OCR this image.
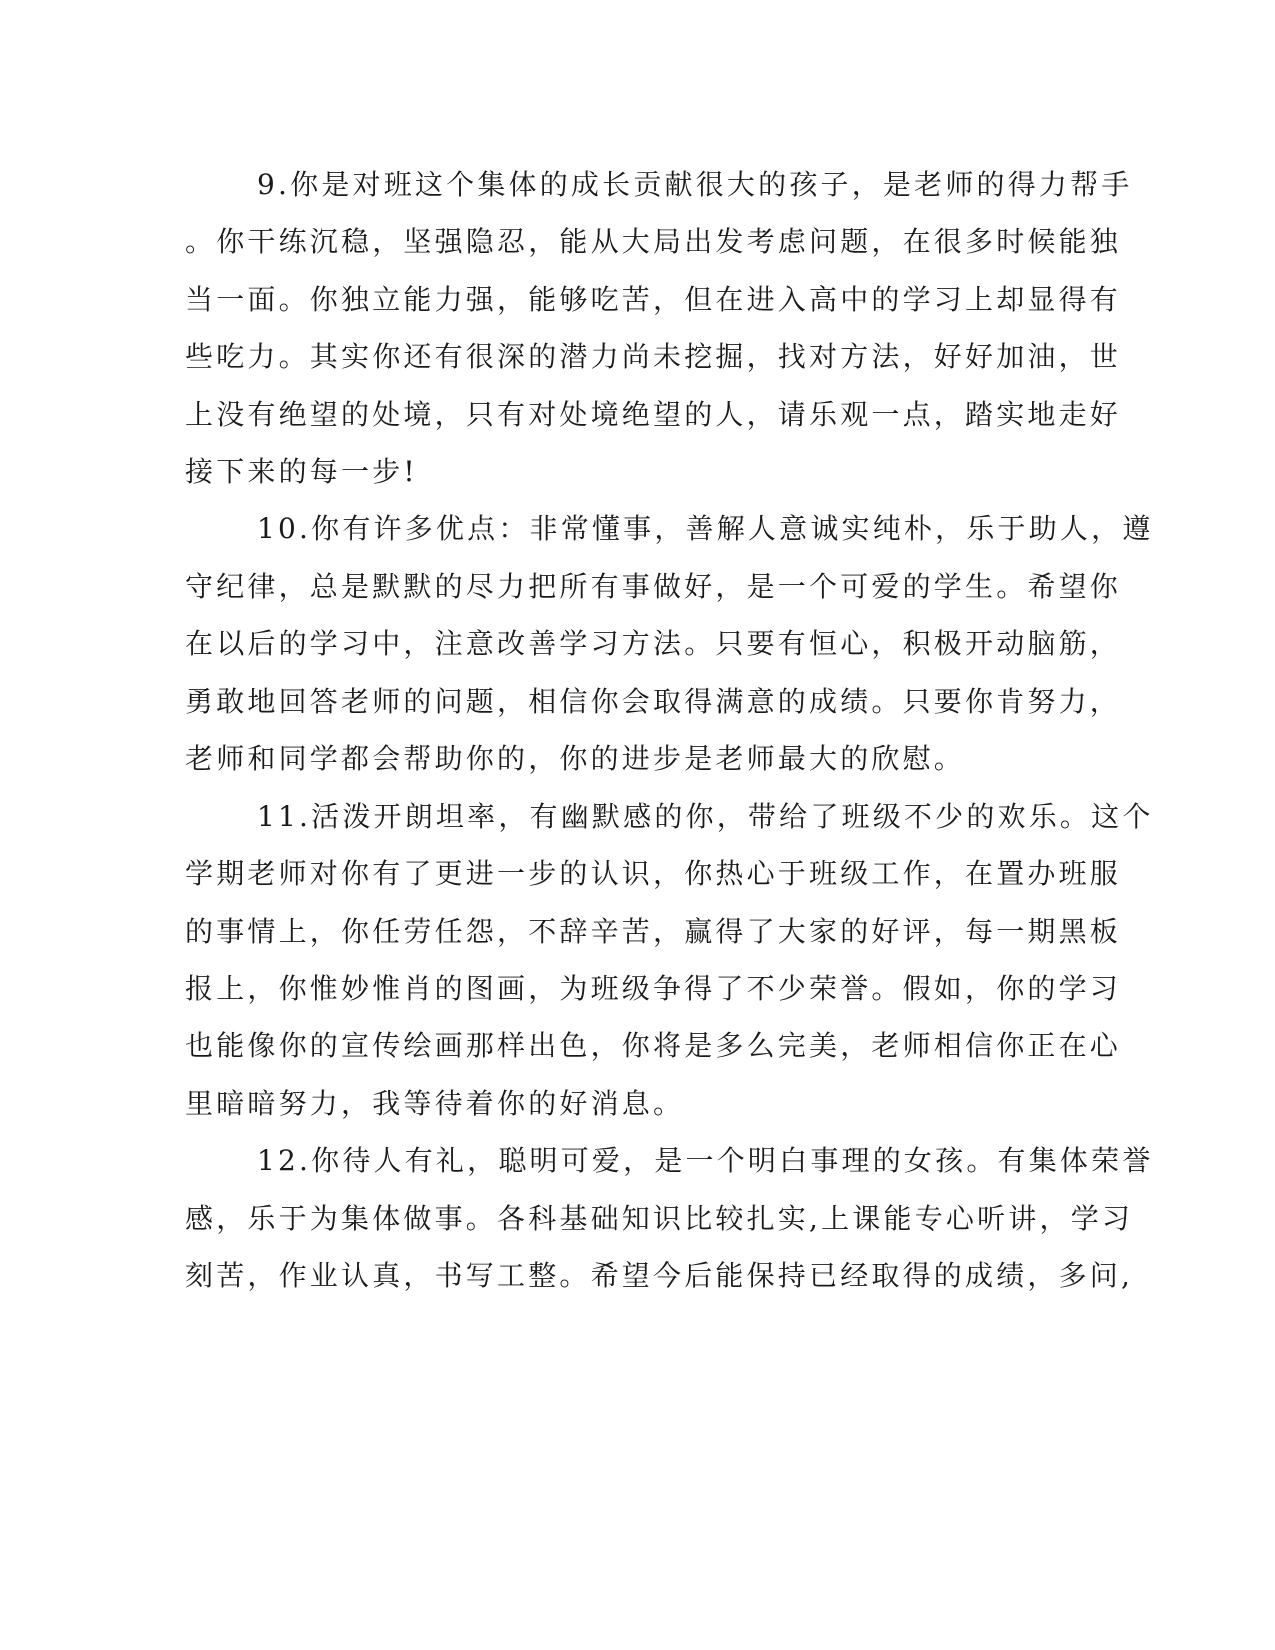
9.你是对班这个集体的成长贡献很大的孩子，是老师的得力帮手
。你干练沉稳，坚强隐忍，能从大局出发考虑问题，在很多时候能独
当一面。你独立能力强，能够吃苦，但在进入高中的学习上却显得有
些吃力。其实你还有很深的潜力尚未挖掘，找对方法，好好加油，世
上没有绝望的处境，只有对处境绝望的人，请乐观一点，踏实地走好
接下来的每一步!
10.你有许多优点：非常懂事，善解人意诚实纯朴，乐于助人，遵
守纪律，总是默默的尽力把所有事做好，是一个可爱的学生。希望你
在以后的学习中，注意改善学习方法。只要有恒心，积极开动脑筋，
勇敢地回答老师的问题，相信你会取得满意的成绩。只要你肯努力，
老师和同学都会帮助你的，你的进步是老师最大的欣慰。
11.活泼开朗坦率，有幽默感的你，带给了班级不少的欢乐。这个
学期老师对你有了更进一步的认识，你热心于班级工作，在置办班服
的事情上，你任劳任怨，不辞辛苦，赢得了大家的好评，每一期黑板
报上，你惟妙惟肖的图画，为班级争得了不少荣誉。假如，你的学习
也能像你的宣传绘画那样出色，你将是多么完美，老师相信你正在心
里暗暗努力，我等待着你的好消息。
12.你待人有礼，聪明可爱，是一个明白事理的女孩。有集体荣誉
感，乐于为集体做事。各科基础知识比较扎实,上课能专心听讲，学习
刻苦，作业认真，书写工整。希望今后能保持已经取得的成绩，多问,
